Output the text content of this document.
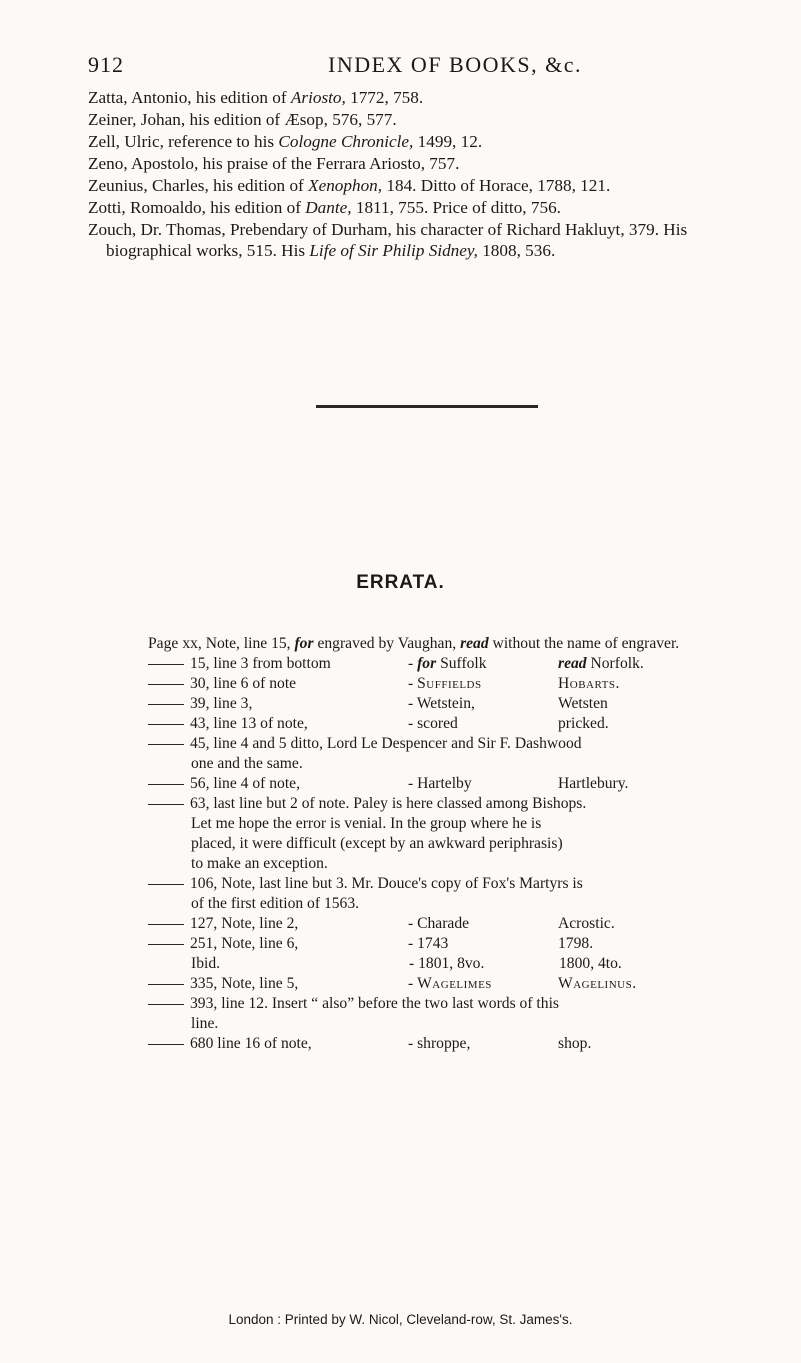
912	INDEX OF BOOKS, &c.

Zatta, Antonio, his edition of Ariosto, 1772, 758.

Zeiner, Johan, his edition of Æsop, 576, 577.

Zell, Ulric, reference to his Cologne Chronicle, 1499, 12.

Zeno, Apostolo, his praise of the Ferrara Ariosto, 757.

Zeunius, Charles, his edition of Xenophon, 184. Ditto of Horace, 1788, 121.

Zotti, Romoaldo, his edition of Dante, 1811, 755. Price of ditto, 756.

Zouch, Dr. Thomas, Prebendary of Durham, his character of Richard Hakluyt, 379. His biographical works, 515. His Life of Sir Philip Sidney, 1808, 536.

ERRATA.
Page xx, Note, line 15, for engraved by Vaughan, read without the name of engraver.
15, line 3 from bottom	- for Suffolk	read Norfolk.
30, line 6 of note	- Suffields	Hobarts.
39, line 3,	- Wetstein,	Wetsten
43, line 13 of note,	- scored	pricked.
45, line 4 and 5 ditto, Lord Le Despencer and Sir F. Dashwood
one and the same.
56, line 4 of note,	- Hartelby	Hartlebury.
63, last line but 2 of note. Paley is here classed among Bishops.
Let me hope the error is venial. In the group where he is
placed, it were difficult (except by an awkward periphrasis)
to make an exception.
106, Note, last line but 3. Mr. Douce's copy of Fox's Martyrs is
of the first edition of 1563.
127, Note, line 2,	- Charade	Acrostic.
251, Note, line 6,	- 1743	1798.
Ibid.	- 1801, 8vo.	1800, 4to.
335, Note, line 5,	- Wagelimes	Wagelinus.
393, line 12. Insert “ also” before the two last words of this
line.
680 line 16 of note,	- shroppe,	shop.
London : Printed by W. Nicol, Cleveland-row, St. James's.
